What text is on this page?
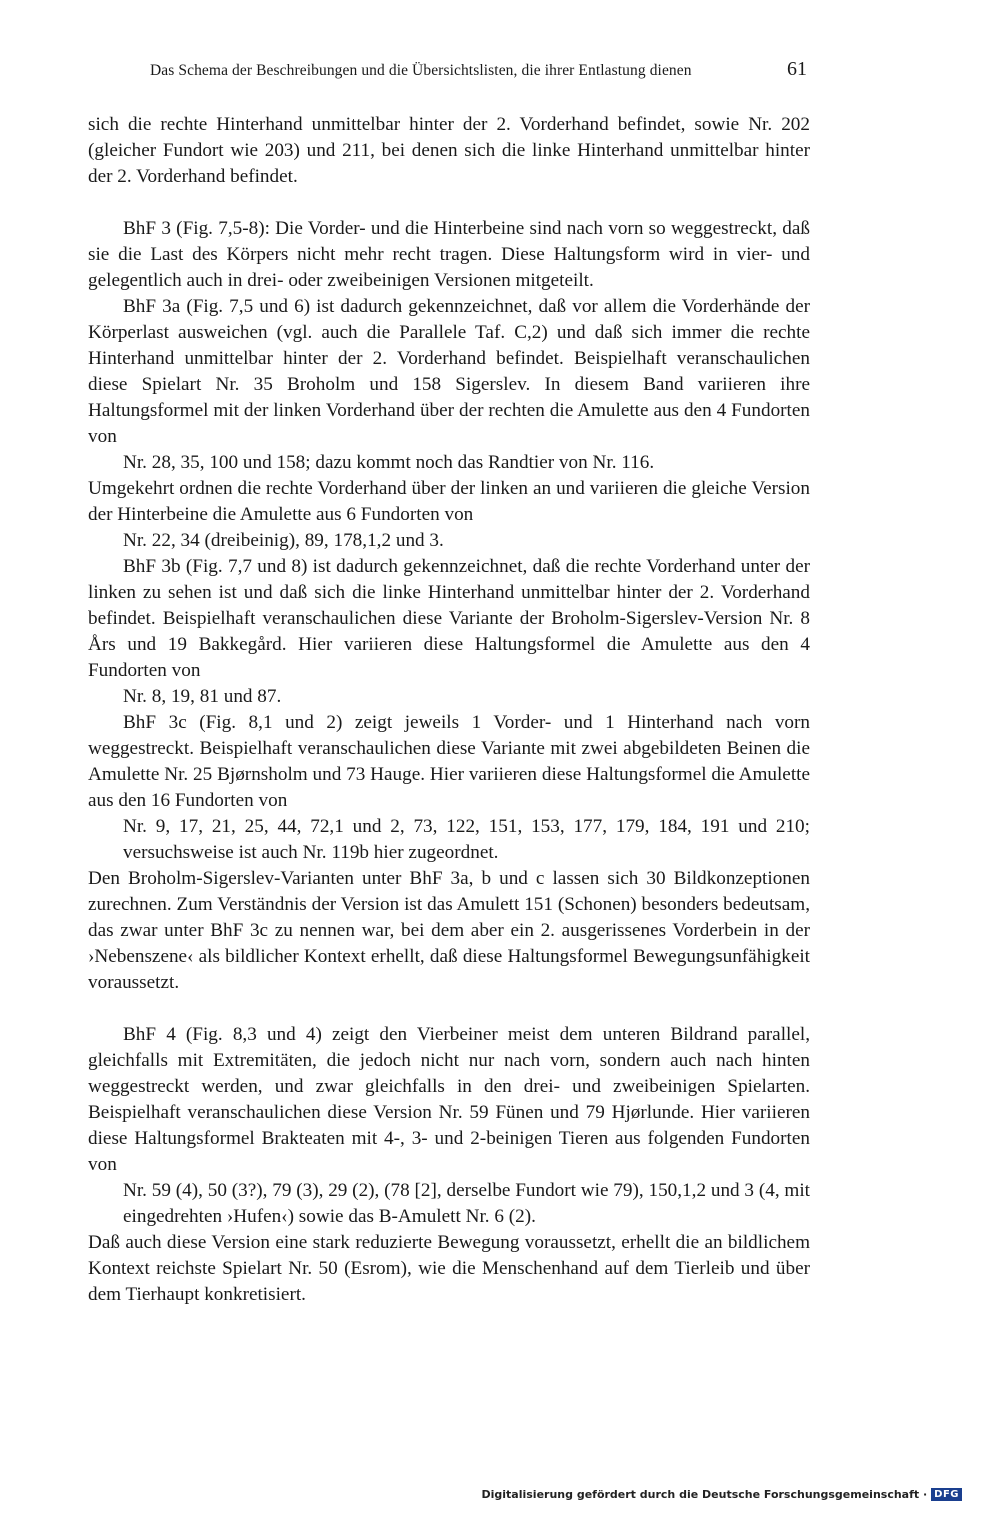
Das Schema der Beschreibungen und die Übersichtslisten, die ihrer Entlastung dienen	61

sich die rechte Hinterhand unmittelbar hinter der 2. Vorderhand befindet, sowie Nr. 202 (gleicher Fundort wie 203) und 211, bei denen sich die linke Hinterhand unmittelbar hinter der 2. Vorderhand befindet.

BhF 3 (Fig. 7,5-8): Die Vorder- und die Hinterbeine sind nach vorn so weggestreckt, daß sie die Last des Körpers nicht mehr recht tragen. Diese Haltungsform wird in vier- und gelegentlich auch in drei- oder zweibeinigen Versionen mitgeteilt.

BhF 3a (Fig. 7,5 und 6) ist dadurch gekennzeichnet, daß vor allem die Vorderhände der Körperlast ausweichen (vgl. auch die Parallele Taf. C,2) und daß sich immer die rechte Hinterhand unmittelbar hinter der 2. Vorderhand befindet. Beispielhaft veranschaulichen diese Spielart Nr. 35 Broholm und 158 Sigerslev. In diesem Band variieren ihre Haltungsformel mit der linken Vorderhand über der rechten die Amulette aus den 4 Fundorten von

Nr. 28, 35, 100 und 158; dazu kommt noch das Randtier von Nr. 116.

Umgekehrt ordnen die rechte Vorderhand über der linken an und variieren die gleiche Version der Hinterbeine die Amulette aus 6 Fundorten von

Nr. 22, 34 (dreibeinig), 89, 178,1,2 und 3.

BhF 3b (Fig. 7,7 und 8) ist dadurch gekennzeichnet, daß die rechte Vorderhand unter der linken zu sehen ist und daß sich die linke Hinterhand unmittelbar hinter der 2. Vorderhand befindet. Beispielhaft veranschaulichen diese Variante der Broholm-Sigerslev-Version Nr. 8 Års und 19 Bakkegård. Hier variieren diese Haltungsformel die Amulette aus den 4 Fundorten von

Nr. 8, 19, 81 und 87.

BhF 3c (Fig. 8,1 und 2) zeigt jeweils 1 Vorder- und 1 Hinterhand nach vorn weggestreckt. Beispielhaft veranschaulichen diese Variante mit zwei abgebildeten Beinen die Amulette Nr. 25 Bjørnsholm und 73 Hauge. Hier variieren diese Haltungsformel die Amulette aus den 16 Fundorten von

Nr. 9, 17, 21, 25, 44, 72,1 und 2, 73, 122, 151, 153, 177, 179, 184, 191 und 210; versuchsweise ist auch Nr. 119b hier zugeordnet.

Den Broholm-Sigerslev-Varianten unter BhF 3a, b und c lassen sich 30 Bildkonzeptionen zurechnen. Zum Verständnis der Version ist das Amulett 151 (Schonen) besonders bedeutsam, das zwar unter BhF 3c zu nennen war, bei dem aber ein 2. ausgerissenes Vorderbein in der ›Nebenszene‹ als bildlicher Kontext erhellt, daß diese Haltungsformel Bewegungsunfähigkeit voraussetzt.

BhF 4 (Fig. 8,3 und 4) zeigt den Vierbeiner meist dem unteren Bildrand parallel, gleichfalls mit Extremitäten, die jedoch nicht nur nach vorn, sondern auch nach hinten weggestreckt werden, und zwar gleichfalls in den drei- und zweibeinigen Spielarten. Beispielhaft veranschaulichen diese Version Nr. 59 Fünen und 79 Hjørlunde. Hier variieren diese Haltungsformel Brakteaten mit 4-, 3- und 2-beinigen Tieren aus folgenden Fundorten von

Nr. 59 (4), 50 (3?), 79 (3), 29 (2), (78 [2], derselbe Fundort wie 79), 150,1,2 und 3 (4, mit eingedrehten ›Hufen‹) sowie das B-Amulett Nr. 6 (2).

Daß auch diese Version eine stark reduzierte Bewegung voraussetzt, erhellt die an bildlichem Kontext reichste Spielart Nr. 50 (Esrom), wie die Menschenhand auf dem Tierleib und über dem Tierhaupt konkretisiert.

Digitalisierung gefördert durch die Deutsche Forschungsgemeinschaft · DFG
